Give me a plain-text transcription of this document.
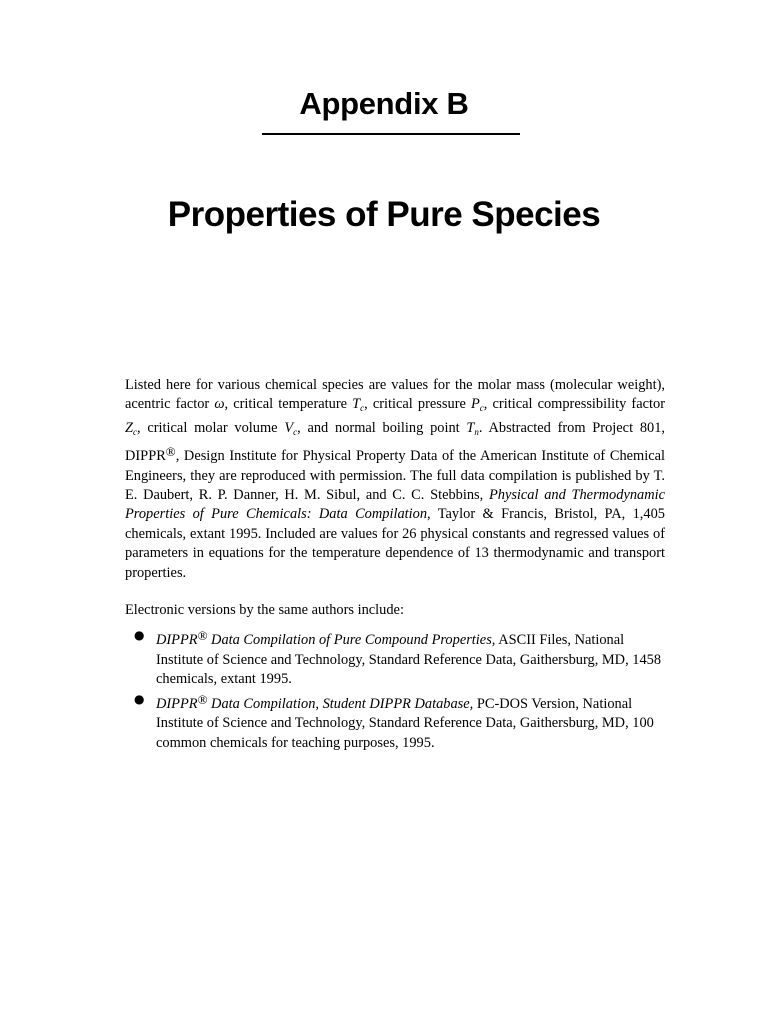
Appendix B
Properties of Pure Species

Listed here for various chemical species are values for the molar mass (molecular weight), acentric factor ω, critical temperature $T_c$, critical pressure $P_c$, critical compressibility factor $Z_c$, critical molar volume $V_c$, and normal boiling point $T_n$. Abstracted from Project 801, DIPPR®, Design Institute for Physical Property Data of the American Institute of Chemical Engineers, they are reproduced with permission. The full data compilation is published by T. E. Daubert, R. P. Danner, H. M. Sibul, and C. C. Stebbins, Physical and Thermodynamic Properties of Pure Chemicals: Data Compilation, Taylor & Francis, Bristol, PA, 1,405 chemicals, extant 1995. Included are values for 26 physical constants and regressed values of parameters in equations for the temperature dependence of 13 thermodynamic and transport properties.

Electronic versions by the same authors include:

● DIPPR® Data Compilation of Pure Compound Properties, ASCII Files, National Institute of Science and Technology, Standard Reference Data, Gaithersburg, MD, 1458 chemicals, extant 1995.
● DIPPR® Data Compilation, Student DIPPR Database, PC-DOS Version, National Institute of Science and Technology, Standard Reference Data, Gaithersburg, MD, 100 common chemicals for teaching purposes, 1995.
